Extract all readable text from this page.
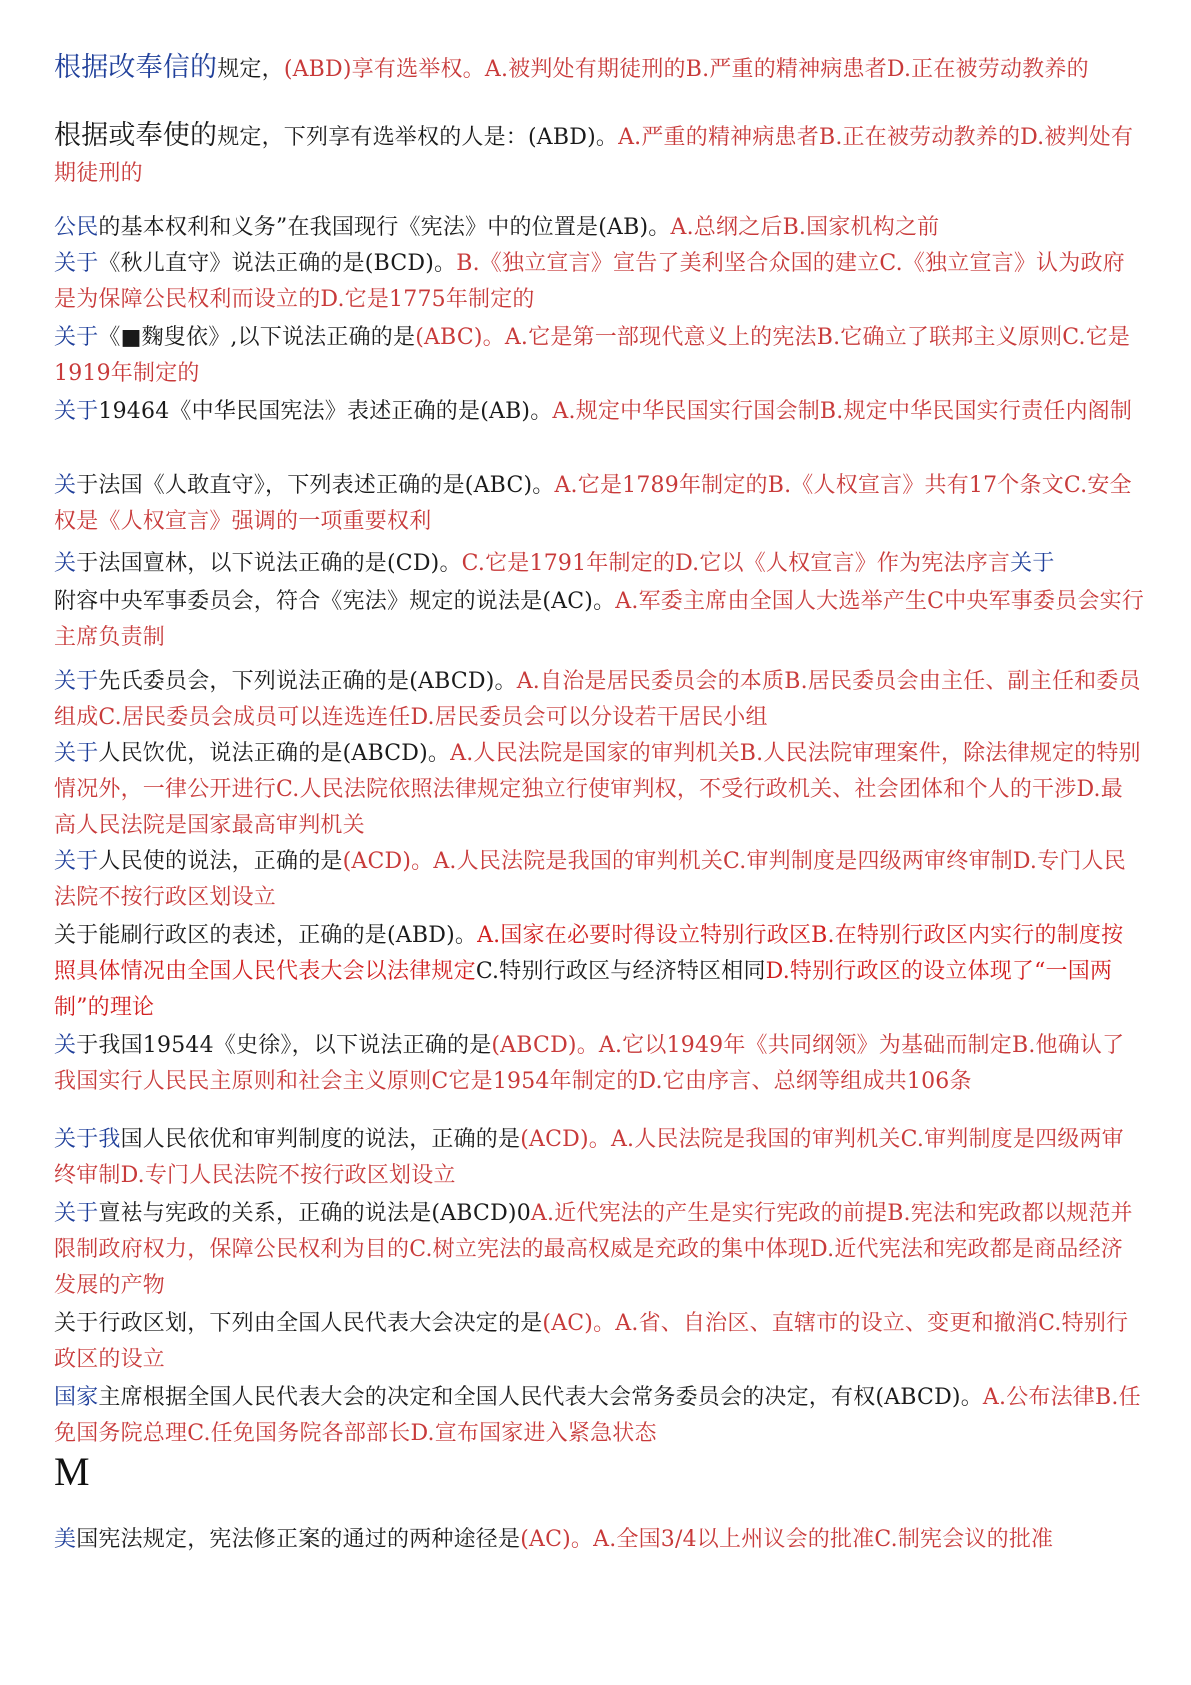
根据改奉信的规定，(ABD)享有选举权。A.被判处有期徒刑的B.严重的精神病患者D.正在被劳动教养的
根据或奉使的规定，下列享有选举权的人是：(ABD)。A.严重的精神病患者B.正在被劳动教养的D.被判处有期徒刑的
公民的基本权利和义务”在我国现行《宪法》中的位置是(AB)。A.总纲之后B.国家机构之前
关于《秋儿直守》说法正确的是(BCD)。B.《独立宣言》宣告了美利坚合众国的建立C.《独立宣言》认为政府是为保障公民权利而设立的D.它是1775年制定的
关于《■麴叟依》,以下说法正确的是(ABC)。A.它是第一部现代意义上的宪法B.它确立了联邦主义原则C.它是1919年制定的
关于19464《中华民国宪法》表述正确的是(AB)。A.规定中华民国实行国会制B.规定中华民国实行责任内阁制
关于法国《人敢直守》，下列表述正确的是(ABC)。A.它是1789年制定的B.《人权宣言》共有17个条文C.安全权是《人权宣言》强调的一项重要权利
关于法国亶林，以下说法正确的是(CD)。C.它是1791年制定的D.它以《人权宣言》作为宪法序言关于
附容中央军事委员会，符合《宪法》规定的说法是(AC)。A.军委主席由全国人大选举产生C中央军事委员会实行主席负责制
关于先氏委员会，下列说法正确的是(ABCD)。A.自治是居民委员会的本质B.居民委员会由主任、副主任和委员组成C.居民委员会成员可以连选连任D.居民委员会可以分设若干居民小组
关于人民饮优，说法正确的是(ABCD)。A.人民法院是国家的审判机关B.人民法院审理案件，除法律规定的特别情况外，一律公开进行C.人民法院依照法律规定独立行使审判权，不受行政机关、社会团体和个人的干涉D.最高人民法院是国家最高审判机关
关于人民使的说法，正确的是(ACD)。A.人民法院是我国的审判机关C.审判制度是四级两审终审制D.专门人民法院不按行政区划设立
关于能刷行政区的表述，正确的是(ABD)。A.国家在必要时得设立特别行政区B.在特别行政区内实行的制度按照具体情况由全国人民代表大会以法律规定C.特别行政区与经济特区相同D.特别行政区的设立体现了“一国两制”的理论
关于我国19544《史徐》，以下说法正确的是(ABCD)。A.它以1949年《共同纲领》为基础而制定B.他确认了我国实行人民民主原则和社会主义原则C它是1954年制定的D.它由序言、总纲等组成共106条
关于我国人民依优和审判制度的说法，正确的是(ACD)。A.人民法院是我国的审判机关C.审判制度是四级两审终审制D.专门人民法院不按行政区划设立
关于亶袪与宪政的关系，正确的说法是(ABCD)0A.近代宪法的产生是实行宪政的前提B.宪法和宪政都以规范并限制政府权力，保障公民权利为目的C.树立宪法的最高权威是充政的集中体现D.近代宪法和宪政都是商品经济发展的产物
关于行政区划，下列由全国人民代表大会决定的是(AC)。A.省、自治区、直辖市的设立、变更和撤消C.特别行政区的设立
国家主席根据全国人民代表大会的决定和全国人民代表大会常务委员会的决定，有权(ABCD)。A.公布法律B.任免国务院总理C.任免国务院各部部长D.宣布国家进入紧急状态
M
美国宪法规定，宪法修正案的通过的两种途径是(AC)。A.全国3/4以上州议会的批准C.制宪会议的批准
